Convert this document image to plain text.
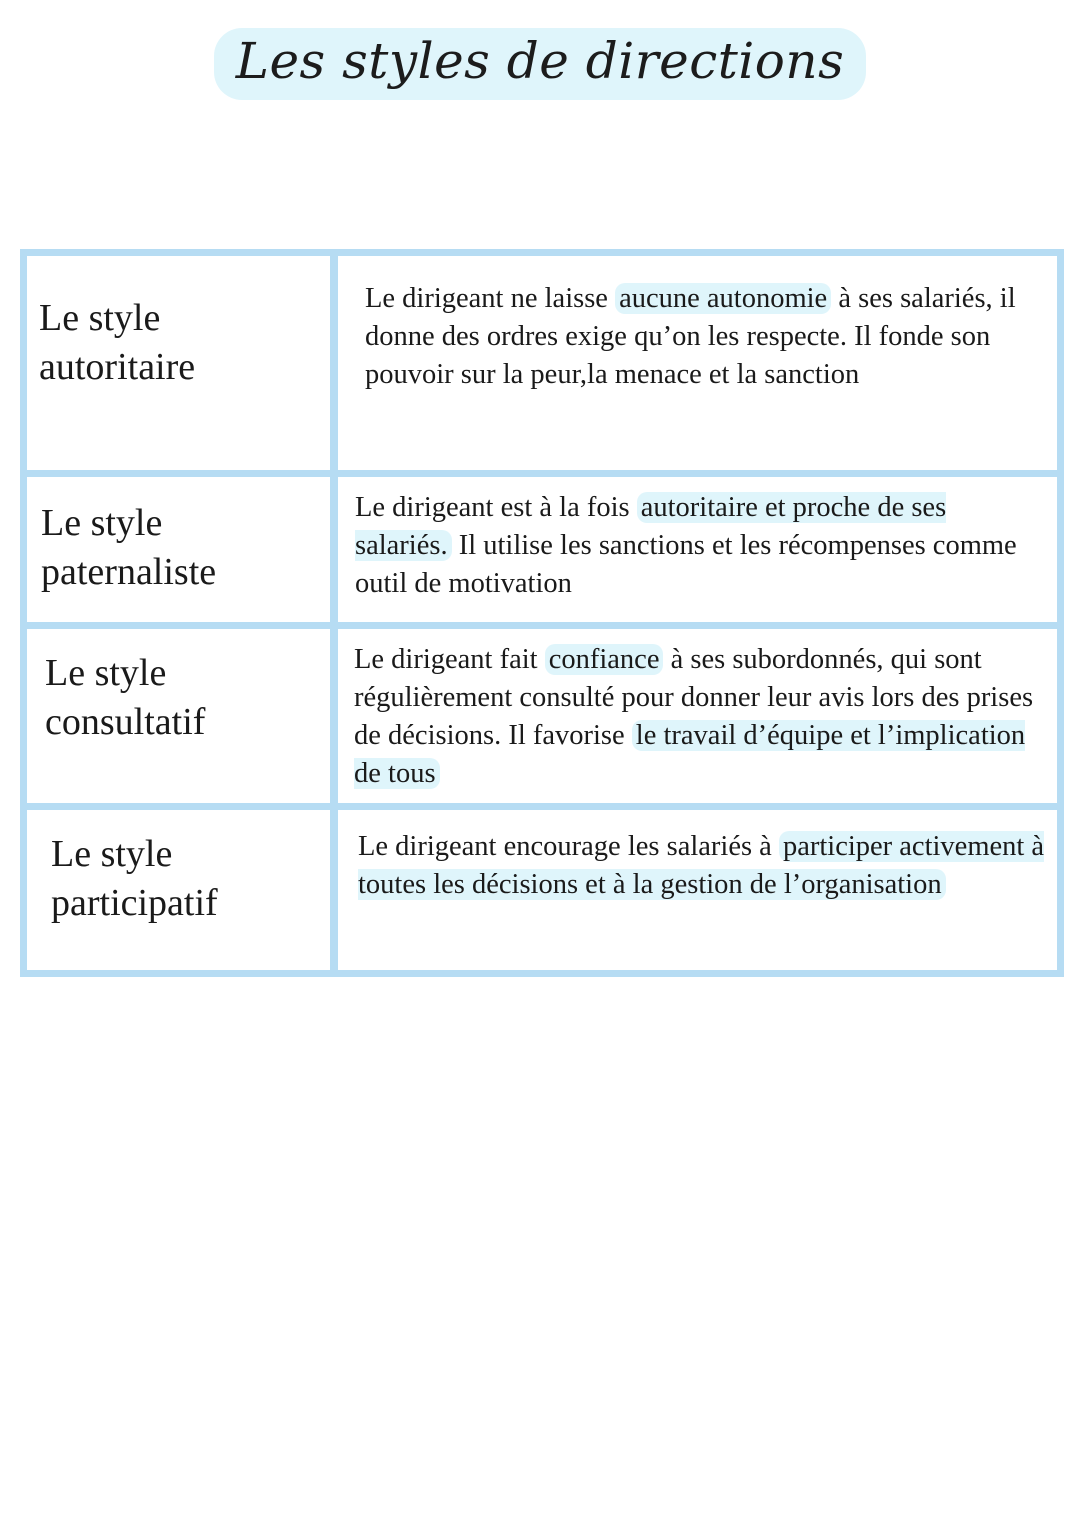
Les styles de directions
Le style
autoritaire
Le dirigeant ne laisse aucune autonomie à ses salariés, il donne des ordres exige qu’on les respecte. Il fonde son pouvoir sur la peur,la menace et la sanction
Le style
paternaliste
Le dirigeant est à la fois autoritaire et proche de ses salariés. Il utilise les sanctions et les récompenses comme outil de motivation
Le style
consultatif
Le dirigeant fait confiance à ses subordonnés, qui sont régulièrement consulté pour donner leur avis lors des prises de décisions. Il favorise le travail d’équipe et l’implication de tous
Le style
participatif
Le dirigeant encourage les salariés à participer activement à toutes les décisions et à la gestion de l’organisation
